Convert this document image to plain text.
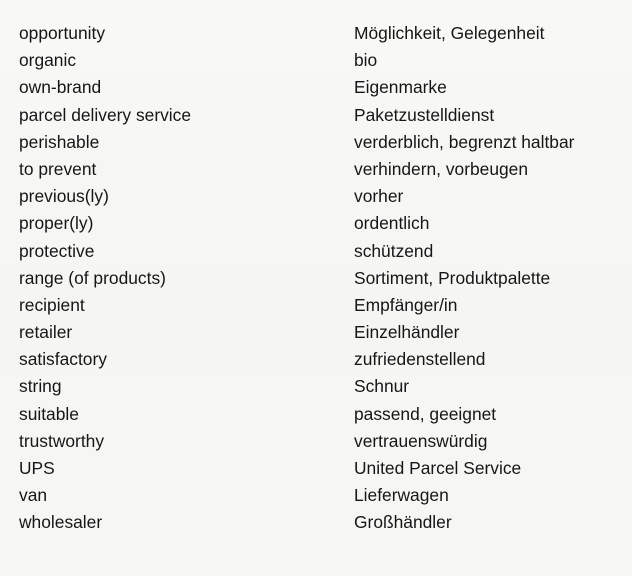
opportunity	Möglichkeit, Gelegenheit
organic	bio
own-brand	Eigenmarke
parcel delivery service	Paketzustelldienst
perishable	verderblich, begrenzt haltbar
to prevent	verhindern, vorbeugen
previous(ly)	vorher
proper(ly)	ordentlich
protective	schützend
range (of products)	Sortiment, Produktpalette
recipient	Empfänger/in
retailer	Einzelhändler
satisfactory	zufriedenstellend
string	Schnur
suitable	passend, geeignet
trustworthy	vertrauenswürdig
UPS	United Parcel Service
van	Lieferwagen
wholesaler	Großhändler
